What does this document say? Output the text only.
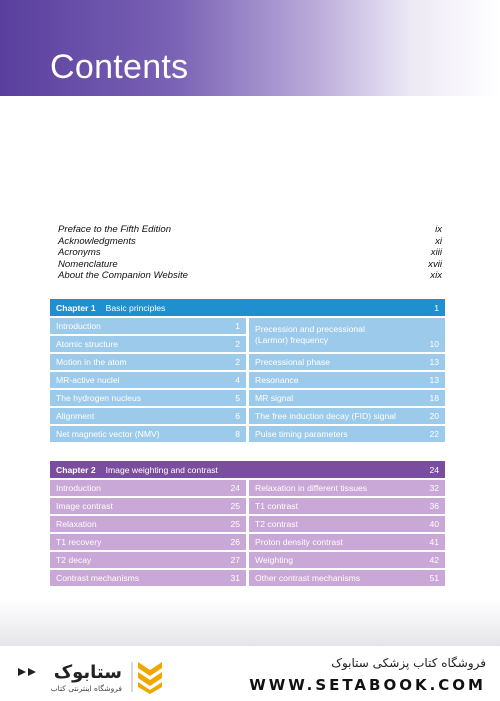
Contents
Preface to the Fifth Edition	ix
Acknowledgments	xi
Acronyms	xiii
Nomenclature	xvii
About the Companion Website	xix
Chapter 1 Basic principles	1
Introduction	1
Atomic structure	2
Motion in the atom	2
MR-active nuclei	4
The hydrogen nucleus	5
Alignment	6
Net magnetic vector (NMV)	8
Precession and precessional (Larmor) frequency	10
Precessional phase	13
Resonance	13
MR signal	18
The free induction decay (FID) signal	20
Pulse timing parameters	22
Chapter 2 Image weighting and contrast	24
Introduction	24
Image contrast	25
Relaxation	25
T1 recovery	26
T2 decay	27
Contrast mechanisms	31
Relaxation in different tissues	32
T1 contrast	36
T2 contrast	40
Proton density contrast	41
Weighting	42
Other contrast mechanisms	51
ستابوک
فروشگاه اینترنتی کتاب
فروشگاه کتاب پزشکی ستابوک
WWW.SETABOOK.COM
